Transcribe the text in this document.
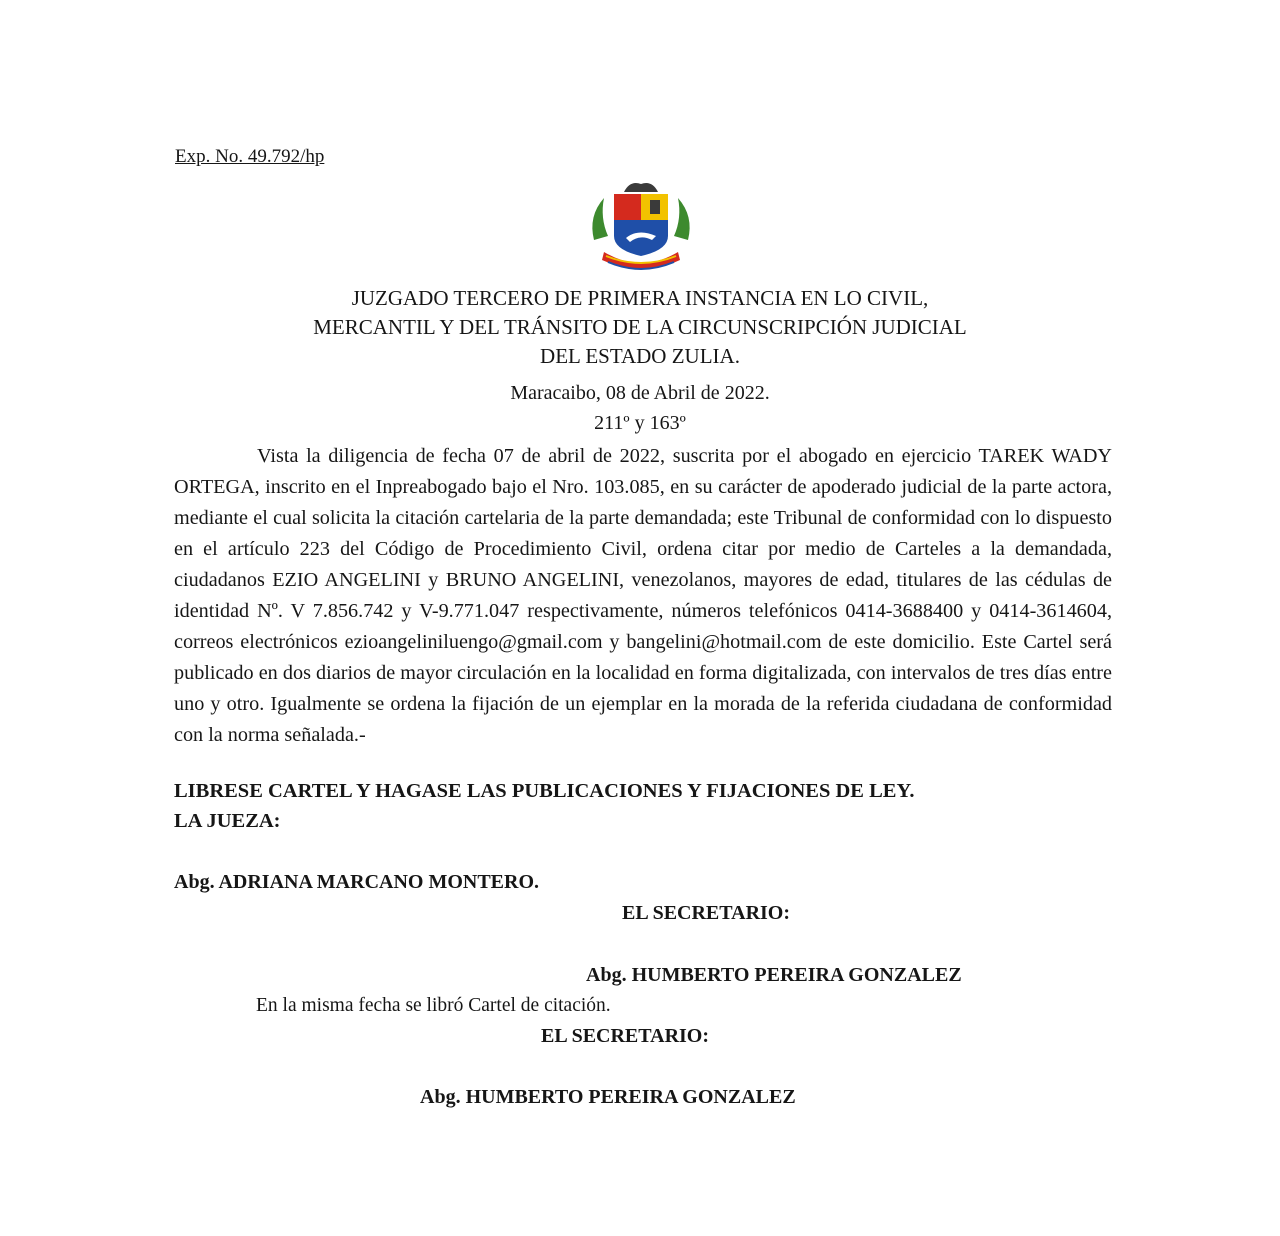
Exp. No. 49.792/hp
JUZGADO TERCERO DE PRIMERA INSTANCIA EN LO CIVIL,
MERCANTIL Y DEL TRÁNSITO DE LA CIRCUNSCRIPCIÓN JUDICIAL
DEL ESTADO ZULIA.
Maracaibo, 08 de Abril de 2022.
211º y 163º
Vista la diligencia de fecha 07 de abril de 2022, suscrita por el abogado en ejercicio TAREK WADY ORTEGA, inscrito en el Inpreabogado bajo el Nro. 103.085, en su carácter de apoderado judicial de la parte actora, mediante el cual solicita la citación cartelaria de la parte demandada; este Tribunal de conformidad con lo dispuesto en el artículo 223 del Código de Procedimiento Civil, ordena citar por medio de Carteles a la demandada, ciudadanos EZIO ANGELINI y BRUNO ANGELINI, venezolanos, mayores de edad, titulares de las cédulas de identidad Nº. V 7.856.742 y V-9.771.047 respectivamente, números telefónicos 0414-3688400 y 0414-3614604, correos electrónicos ezioangeliniluengo@gmail.com y bangelini@hotmail.com de este domicilio. Este Cartel será publicado en dos diarios de mayor circulación en la localidad en forma digitalizada, con intervalos de tres días entre uno y otro. Igualmente se ordena la fijación de un ejemplar en la morada de la referida ciudadana de conformidad con la norma señalada.-
LIBRESE CARTEL Y HAGASE LAS PUBLICACIONES Y FIJACIONES DE LEY.
LA JUEZA:
Abg. ADRIANA MARCANO MONTERO.
EL SECRETARIO:
Abg. HUMBERTO PEREIRA GONZALEZ
En la misma fecha se libró Cartel de citación.
EL SECRETARIO:
Abg. HUMBERTO PEREIRA GONZALEZ
